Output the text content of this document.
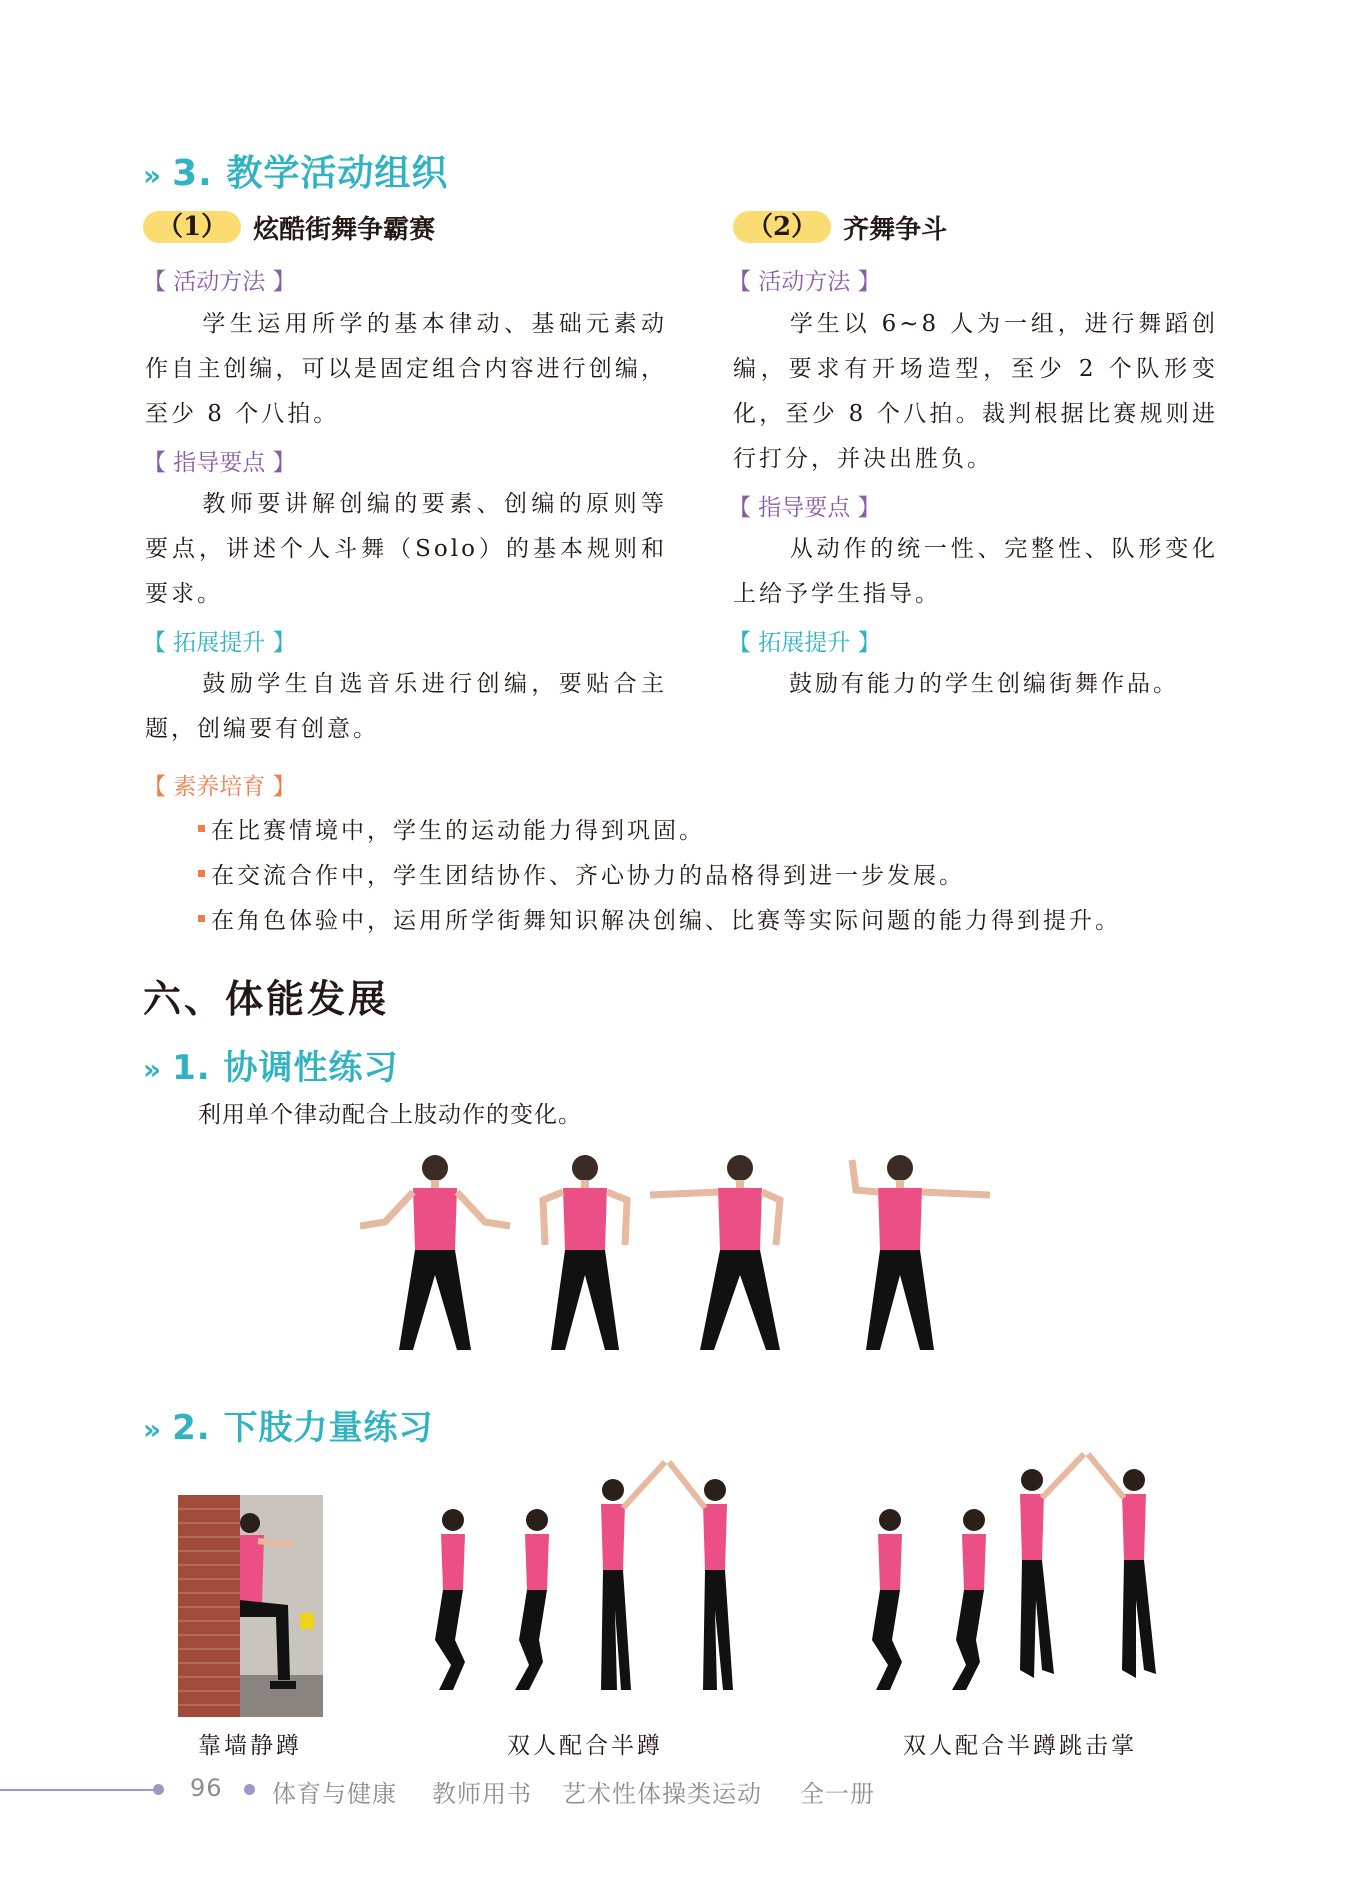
» 3. 教学活动组织
（1）	炫酷街舞争霸赛	（2）	齐舞争斗
【 活动方法 】
学生运用所学的基本律动、基础元素动作自主创编，可以是固定组合内容进行创编，至少 8 个八拍。
【 指导要点 】
教师要讲解创编的要素、创编的原则等要点，讲述个人斗舞（Solo）的基本规则和要求。
【 拓展提升 】
鼓励学生自选音乐进行创编，要贴合主题，创编要有创意。
【 活动方法 】
学生以 6~8 人为一组，进行舞蹈创编，要求有开场造型，至少 2 个队形变化，至少 8 个八拍。裁判根据比赛规则进行打分，并决出胜负。
【 指导要点 】
从动作的统一性、完整性、队形变化上给予学生指导。
【 拓展提升 】
鼓励有能力的学生创编街舞作品。
【 素养培育 】
在比赛情境中，学生的运动能力得到巩固。
在交流合作中，学生团结协作、齐心协力的品格得到进一步发展。
在角色体验中，运用所学街舞知识解决创编、比赛等实际问题的能力得到提升。
六、体能发展
» 1. 协调性练习
利用单个律动配合上肢动作的变化。
» 2. 下肢力量练习
靠墙静蹲	双人配合半蹲	双人配合半蹲跳击掌
96 体育与健康 教师用书 艺术性体操类运动 全一册
